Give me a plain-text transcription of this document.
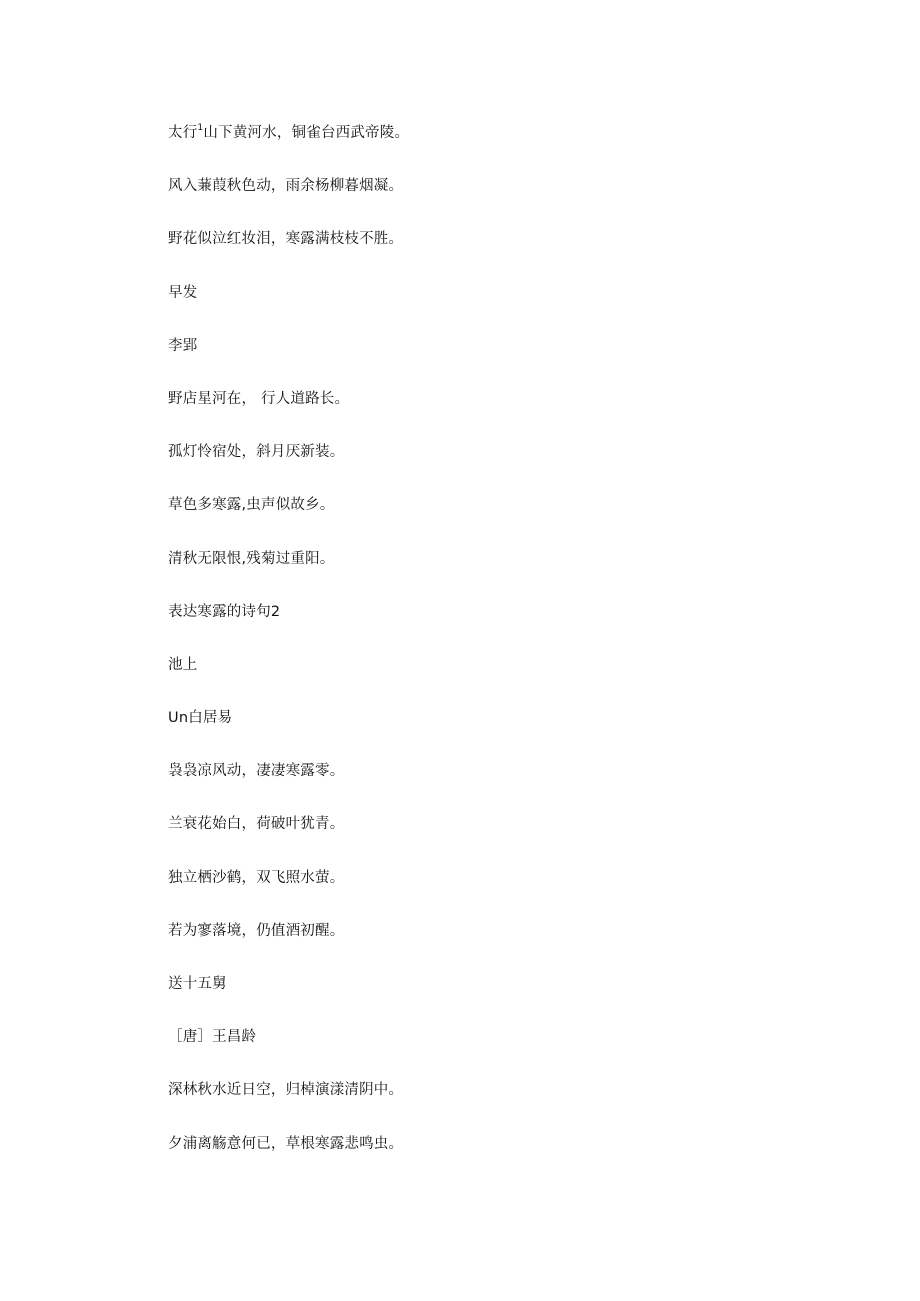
太行$^1$山下黄河水，铜雀台西武帝陵。
风入蒹葭秋色动，雨余杨柳暮烟凝。
野花似泣红妆泪，寒露满枝枝不胜。
早发
李郢
野店星河在， 行人道路长。
孤灯怜宿处，斜月厌新装。
草色多寒露,虫声似故乡。
清秋无限恨,残菊过重阳。
表达寒露的诗句2
池上
Un白居易
袅袅凉风动，凄凄寒露零。
兰衰花始白，荷破叶犹青。
独立栖沙鹤，双飞照水萤。
若为寥落境，仍值酒初醒。
送十五舅
［唐］王昌龄
深林秋水近日空，归棹演漾清阴中。
夕浦离觞意何已，草根寒露悲鸣虫。
